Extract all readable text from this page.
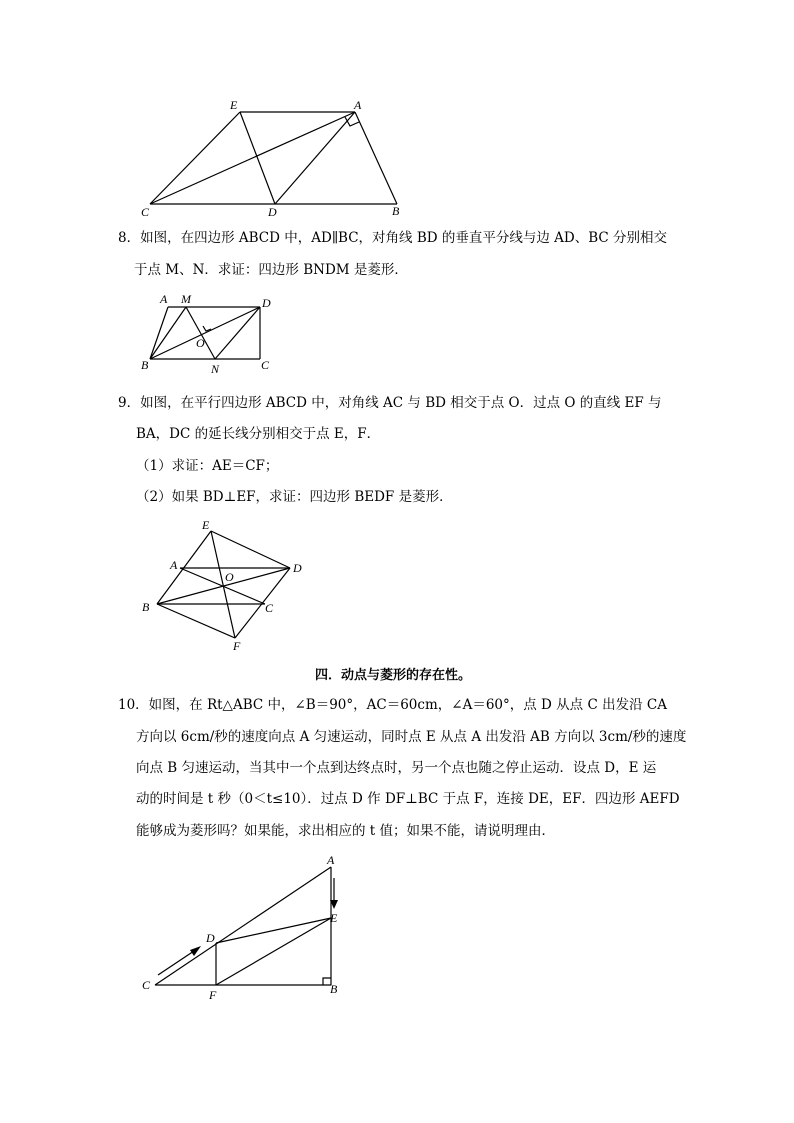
E	A
C	D	B
8．如图，在四边形 ABCD 中，AD∥BC，对角线 BD 的垂直平分线与边 AD、BC 分别相交
于点 M、N．求证：四边形 BNDM 是菱形．
A M	D
O
B	N	C
9．如图，在平行四边形 ABCD 中，对角线 AC 与 BD 相交于点 O．过点 O 的直线 EF 与
BA，DC 的延长线分别相交于点 E，F．
（1）求证：AE＝CF；
（2）如果 BD⊥EF，求证：四边形 BEDF 是菱形．
E
A
O
D
B	C
F
四．动点与菱形的存在性。
10．如图，在 Rt△ABC 中，∠B＝90°，AC＝60cm，∠A＝60°，点 D 从点 C 出发沿 CA
方向以 6cm/秒的速度向点 A 匀速运动，同时点 E 从点 A 出发沿 AB 方向以 3cm/秒的速度
向点 B 匀速运动，当其中一个点到达终点时，另一个点也随之停止运动．设点 D，E 运
动的时间是 t 秒（0＜t≤10）．过点 D 作 DF⊥BC 于点 F，连接 DE，EF．四边形 AEFD
能够成为菱形吗？如果能，求出相应的 t 值；如果不能，请说明理由．
A
E
D
C
F	B
